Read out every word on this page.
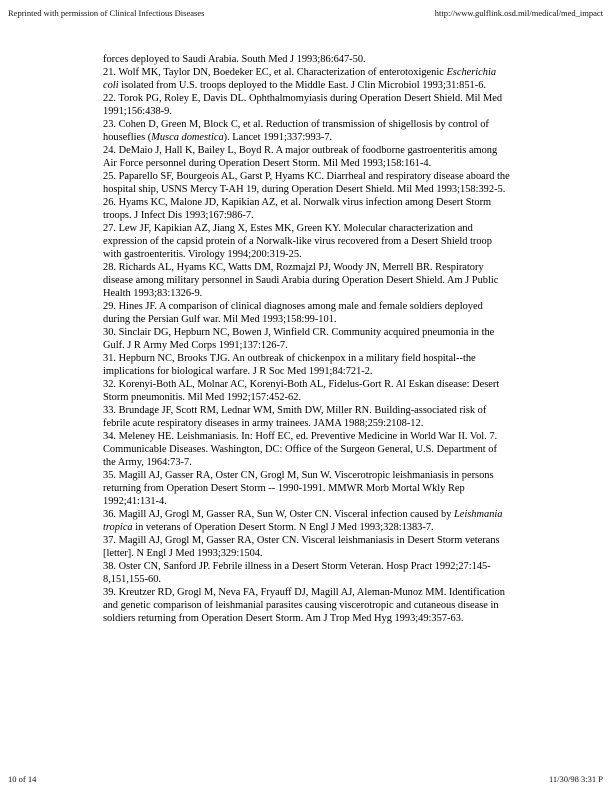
Reprinted with permission of Clinical Infectious Diseases	http://www.gulflink.osd.mil/medical/med_impact

forces deployed to Saudi Arabia. South Med J 1993;86:647-50.

21. Wolf MK, Taylor DN, Boedeker EC, et al. Characterization of enterotoxigenic Escherichia coli isolated from U.S. troops deployed to the Middle East. J Clin Microbiol 1993;31:851-6.

22. Torok PG, Roley E, Davis DL. Ophthalmomyiasis during Operation Desert Shield. Mil Med 1991;156:438-9.

23. Cohen D, Green M, Block C, et al. Reduction of transmission of shigellosis by control of houseflies (Musca domestica). Lancet 1991;337:993-7.

24. DeMaio J, Hall K, Bailey L, Boyd R. A major outbreak of foodborne gastroenteritis among Air Force personnel during Operation Desert Storm. Mil Med 1993;158:161-4.

25. Paparello SF, Bourgeois AL, Garst P, Hyams KC. Diarrheal and respiratory disease aboard the hospital ship, USNS Mercy T-AH 19, during Operation Desert Shield. Mil Med 1993;158:392-5.

26. Hyams KC, Malone JD, Kapikian AZ, et al. Norwalk virus infection among Desert Storm troops. J Infect Dis 1993;167:986-7.

27. Lew JF, Kapikian AZ, Jiang X, Estes MK, Green KY. Molecular characterization and expression of the capsid protein of a Norwalk-like virus recovered from a Desert Shield troop with gastroenteritis. Virology 1994;200:319-25.

28. Richards AL, Hyams KC, Watts DM, Rozmajzl PJ, Woody JN, Merrell BR. Respiratory disease among military personnel in Saudi Arabia during Operation Desert Shield. Am J Public Health 1993;83:1326-9.

29. Hines JF. A comparison of clinical diagnoses among male and female soldiers deployed during the Persian Gulf war. Mil Med 1993;158:99-101.

30. Sinclair DG, Hepburn NC, Bowen J, Winfield CR. Community acquired pneumonia in the Gulf. J R Army Med Corps 1991;137:126-7.

31. Hepburn NC, Brooks TJG. An outbreak of chickenpox in a military field hospital--the implications for biological warfare. J R Soc Med 1991;84:721-2.

32. Korenyi-Both AL, Molnar AC, Korenyi-Both AL, Fidelus-Gort R. Al Eskan disease: Desert Storm pneumonitis. Mil Med 1992;157:452-62.

33. Brundage JF, Scott RM, Lednar WM, Smith DW, Miller RN. Building-associated risk of febrile acute respiratory diseases in army trainees. JAMA 1988;259:2108-12.

34. Meleney HE. Leishmaniasis. In: Hoff EC, ed. Preventive Medicine in World War II. Vol. 7. Communicable Diseases. Washington, DC: Office of the Surgeon General, U.S. Department of the Army, 1964:73-7.

35. Magill AJ, Gasser RA, Oster CN, Grogl M, Sun W. Viscerotropic leishmaniasis in persons returning from Operation Desert Storm -- 1990-1991. MMWR Morb Mortal Wkly Rep 1992;41:131-4.

36. Magill AJ, Grogl M, Gasser RA, Sun W, Oster CN. Visceral infection caused by Leishmania tropica in veterans of Operation Desert Storm. N Engl J Med 1993;328:1383-7.

37. Magill AJ, Grogl M, Gasser RA, Oster CN. Visceral leishmaniasis in Desert Storm veterans [letter]. N Engl J Med 1993;329:1504.

38. Oster CN, Sanford JP. Febrile illness in a Desert Storm Veteran. Hosp Pract 1992;27:145-8,151,155-60.

39. Kreutzer RD, Grogl M, Neva FA, Fryauff DJ, Magill AJ, Aleman-Munoz MM. Identification and genetic comparison of leishmanial parasites causing viscerotropic and cutaneous disease in soldiers returning from Operation Desert Storm. Am J Trop Med Hyg 1993;49:357-63.

10 of 14	11/30/98 3:31 P
